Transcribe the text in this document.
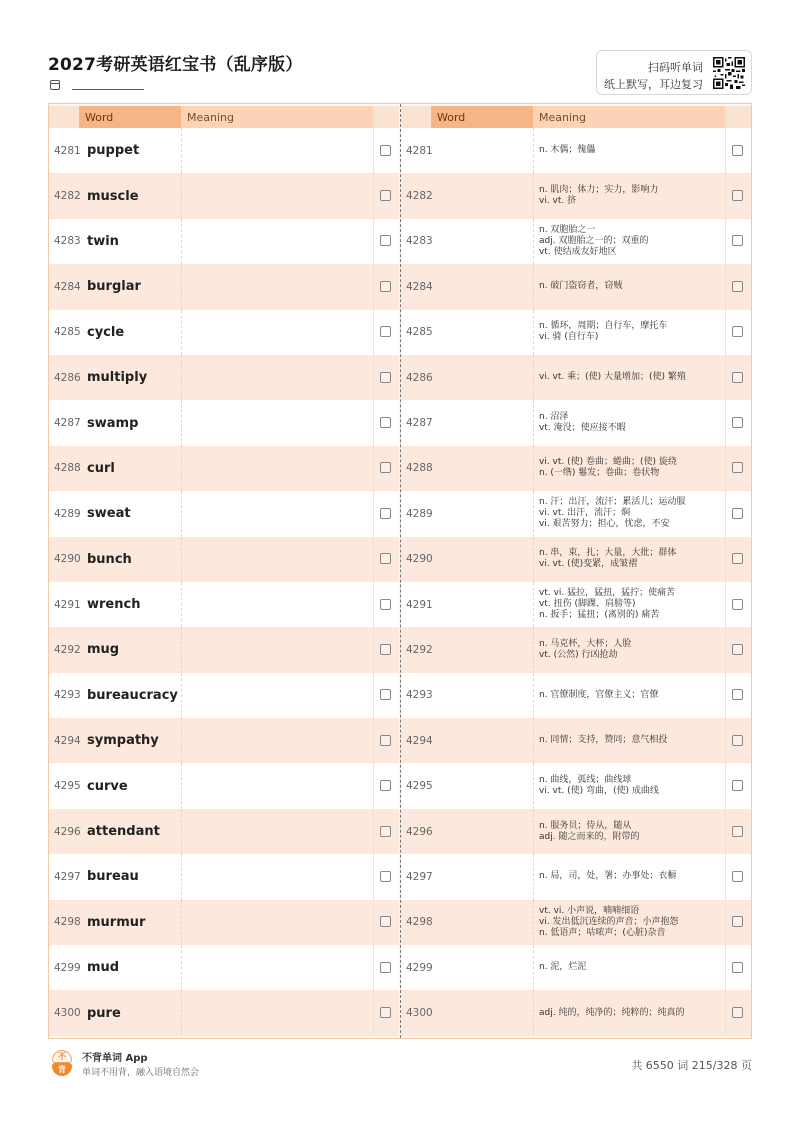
2027考研英语红宝书（乱序版）	扫码听单词
纸上默写，耳边复习
Word	Meaning
4281 puppet
4282 muscle
4283 twin
4284 burglar
4285 cycle
4286 multiply
4287 swamp
4288 curl
4289 sweat
4290 bunch
4291 wrench
4292 mug
4293 bureaucracy
4294 sympathy
4295 curve
4296 attendant
4297 bureau
4298 murmur
4299 mud
4300 pure
Word	Meaning
4281	n. 木偶；傀儡
4282	n. 肌肉；体力；实力，影响力
vi. vt. 挤
4283
n. 双胞胎之一
adj. 双胞胎之一的；双重的
vt. 使结成友好地区
4284	n. 破门盗窃者，窃贼
4285	n. 循环，周期；自行车，摩托车
vi. 骑 (自行车)
4286	vi. vt. 乘；(使) 大量增加；(使) 繁殖
4287	n. 沼泽
vt. 淹没；使应接不暇
4288	vi. vt. (使) 卷曲；蜷曲；(使) 旋绕
n. (一绺) 鬈发；卷曲；卷状物
4289
n. 汗；出汗，流汗；累活儿；运动服
vi. vt. 出汗，流汗；焖
vi. 艰苦努力；担心，忧虑，不安
4290	n. 串，束，扎；大量，大批；群体
vi. vt. (使)变紧，成皱褶
4291
vt. vi. 猛拉，猛扭，猛拧；使痛苦
vt. 扭伤 (脚踝、肩膀等)
n. 扳手；猛扭；(离别的) 痛苦
4292	n. 马克杯，大杯；人脸
vt. (公然) 行凶抢劫
4293	n. 官僚制度，官僚主义；官僚
4294	n. 同情；支持，赞同；意气相投
4295	n. 曲线，弧线；曲线球
vi. vt. (使) 弯曲，(使) 成曲线
4296	n. 服务员；侍从，随从
adj. 随之而来的，附带的
4297	n. 局，司，处，署；办事处；衣橱
4298
vt. vi. 小声说，喃喃细语
vi. 发出低沉连续的声音；小声抱怨
n. 低语声；咕哝声；(心脏)杂音
4299	n. 泥，烂泥
4300	adj. 纯的，纯净的；纯粹的；纯真的
不
背
不背单词 App
单词不用背，融入语境自然会
共 6550 词 215/328 页
